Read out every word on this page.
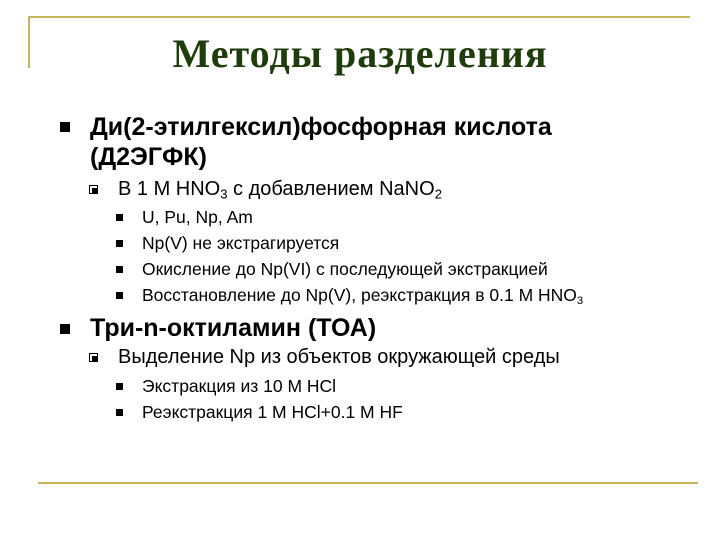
Методы разделения
Ди(2-этилгексил)фосфорная кислота
(Д2ЭГФК)
В 1 М $HNO_3$ с добавлением NaNO$_2$
U, Pu, Np, Am
Np(V) не экстрагируется
Окисление до Np(VI) с последующей экстракцией
Восстановление до Np(V), реэкстракция в 0.1 М $HNO_3$
Три-n-октиламин (ТОА)
Выделение Np из объектов окружающей среды
Экстракция из 10 М HCl
Реэкстракция 1 М HCl+0.1 М HF
